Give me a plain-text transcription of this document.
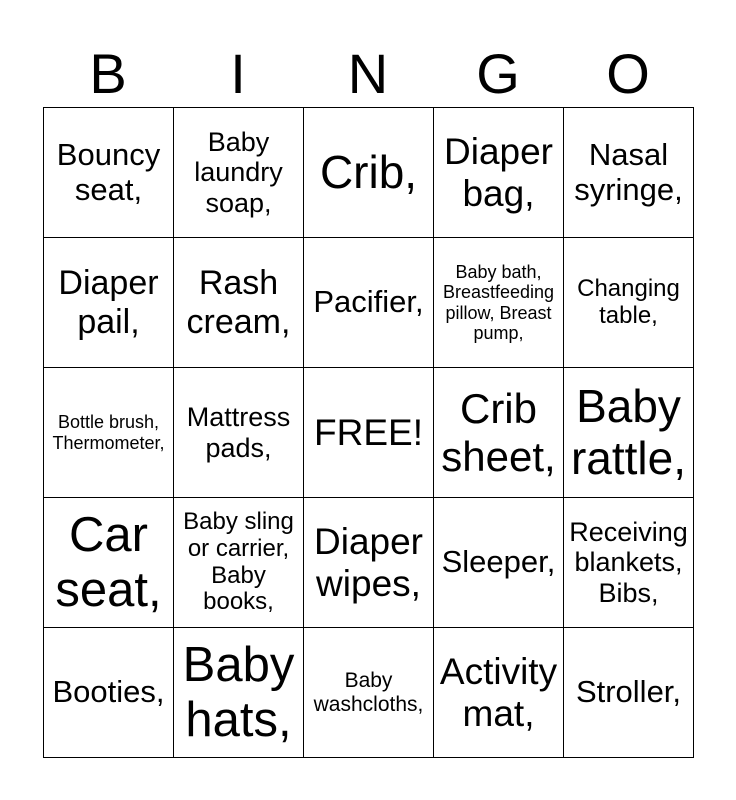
B	I	N	G	O
Bouncy seat,	Baby laundry soap,	Crib,	Diaper bag,	Nasal syringe,
Diaper pail,	Rash cream,	Pacifier,	Baby bath, Breastfeeding pillow, Breast pump,	Changing table,
Bottle brush, Thermometer,	Mattress pads,	FREE!	Crib sheet,	Baby rattle,
Car seat,	Baby sling or carrier, Baby books,	Diaper wipes,	Sleeper,	Receiving blankets, Bibs,
Booties,	Baby hats,	Baby washcloths,	Activity mat,	Stroller,
